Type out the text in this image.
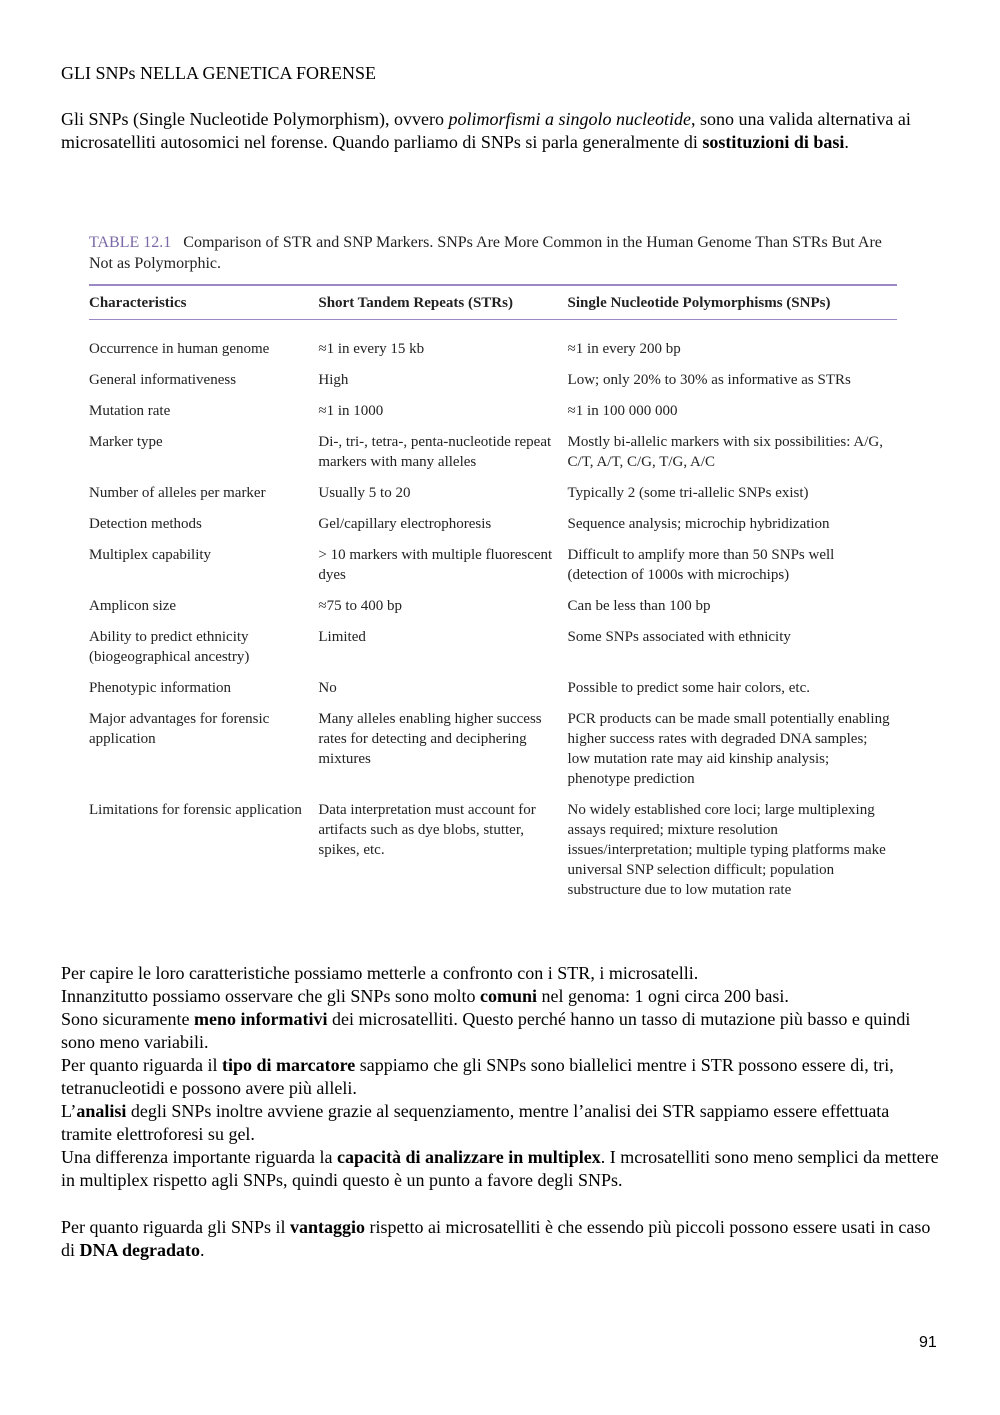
GLI SNPs NELLA GENETICA FORENSE

Gli SNPs (Single Nucleotide Polymorphism), ovvero polimorfismi a singolo nucleotide, sono una valida alternativa ai microsatelliti autosomici nel forense. Quando parliamo di SNPs si parla generalmente di sostituzioni di basi.

TABLE 12.1 Comparison of STR and SNP Markers. SNPs Are More Common in the Human Genome Than STRs But Are Not as Polymorphic.

Characteristics	Short Tandem Repeats (STRs)	Single Nucleotide Polymorphisms (SNPs)
Occurrence in human genome	≈1 in every 15 kb	≈1 in every 200 bp
General informativeness	High	Low; only 20% to 30% as informative as STRs
Mutation rate	≈1 in 1000	≈1 in 100 000 000
Marker type	Di-, tri-, tetra-, penta-nucleotide repeat markers with many alleles	Mostly bi-allelic markers with six possibilities: A/G, C/T, A/T, C/G, T/G, A/C
Number of alleles per marker	Usually 5 to 20	Typically 2 (some tri-allelic SNPs exist)
Detection methods	Gel/capillary electrophoresis	Sequence analysis; microchip hybridization
Multiplex capability	> 10 markers with multiple fluorescent dyes	Difficult to amplify more than 50 SNPs well (detection of 1000s with microchips)
Amplicon size	≈75 to 400 bp	Can be less than 100 bp
Ability to predict ethnicity (biogeographical ancestry)	Limited	Some SNPs associated with ethnicity
Phenotypic information	No	Possible to predict some hair colors, etc.
Major advantages for forensic application	Many alleles enabling higher success rates for detecting and deciphering mixtures	PCR products can be made small potentially enabling higher success rates with degraded DNA samples; low mutation rate may aid kinship analysis; phenotype prediction
Limitations for forensic application	Data interpretation must account for artifacts such as dye blobs, stutter, spikes, etc.	No widely established core loci; large multiplexing assays required; mixture resolution issues/interpretation; multiple typing platforms make universal SNP selection difficult; population substructure due to low mutation rate

Per capire le loro caratteristiche possiamo metterle a confronto con i STR, i microsatelli.
Innanzitutto possiamo osservare che gli SNPs sono molto comuni nel genoma: 1 ogni circa 200 basi.
Sono sicuramente meno informativi dei microsatelliti. Questo perché hanno un tasso di mutazione più basso e quindi sono meno variabili.
Per quanto riguarda il tipo di marcatore sappiamo che gli SNPs sono biallelici mentre i STR possono essere di, tri, tetranucleotidi e possono avere più alleli.
L’analisi degli SNPs inoltre avviene grazie al sequenziamento, mentre l’analisi dei STR sappiamo essere effettuata tramite elettroforesi su gel.
Una differenza importante riguarda la capacità di analizzare in multiplex. I mcrosatelliti sono meno semplici da mettere in multiplex rispetto agli SNPs, quindi questo è un punto a favore degli SNPs.

Per quanto riguarda gli SNPs il vantaggio rispetto ai microsatelliti è che essendo più piccoli possono essere usati in caso di DNA degradato.

91
